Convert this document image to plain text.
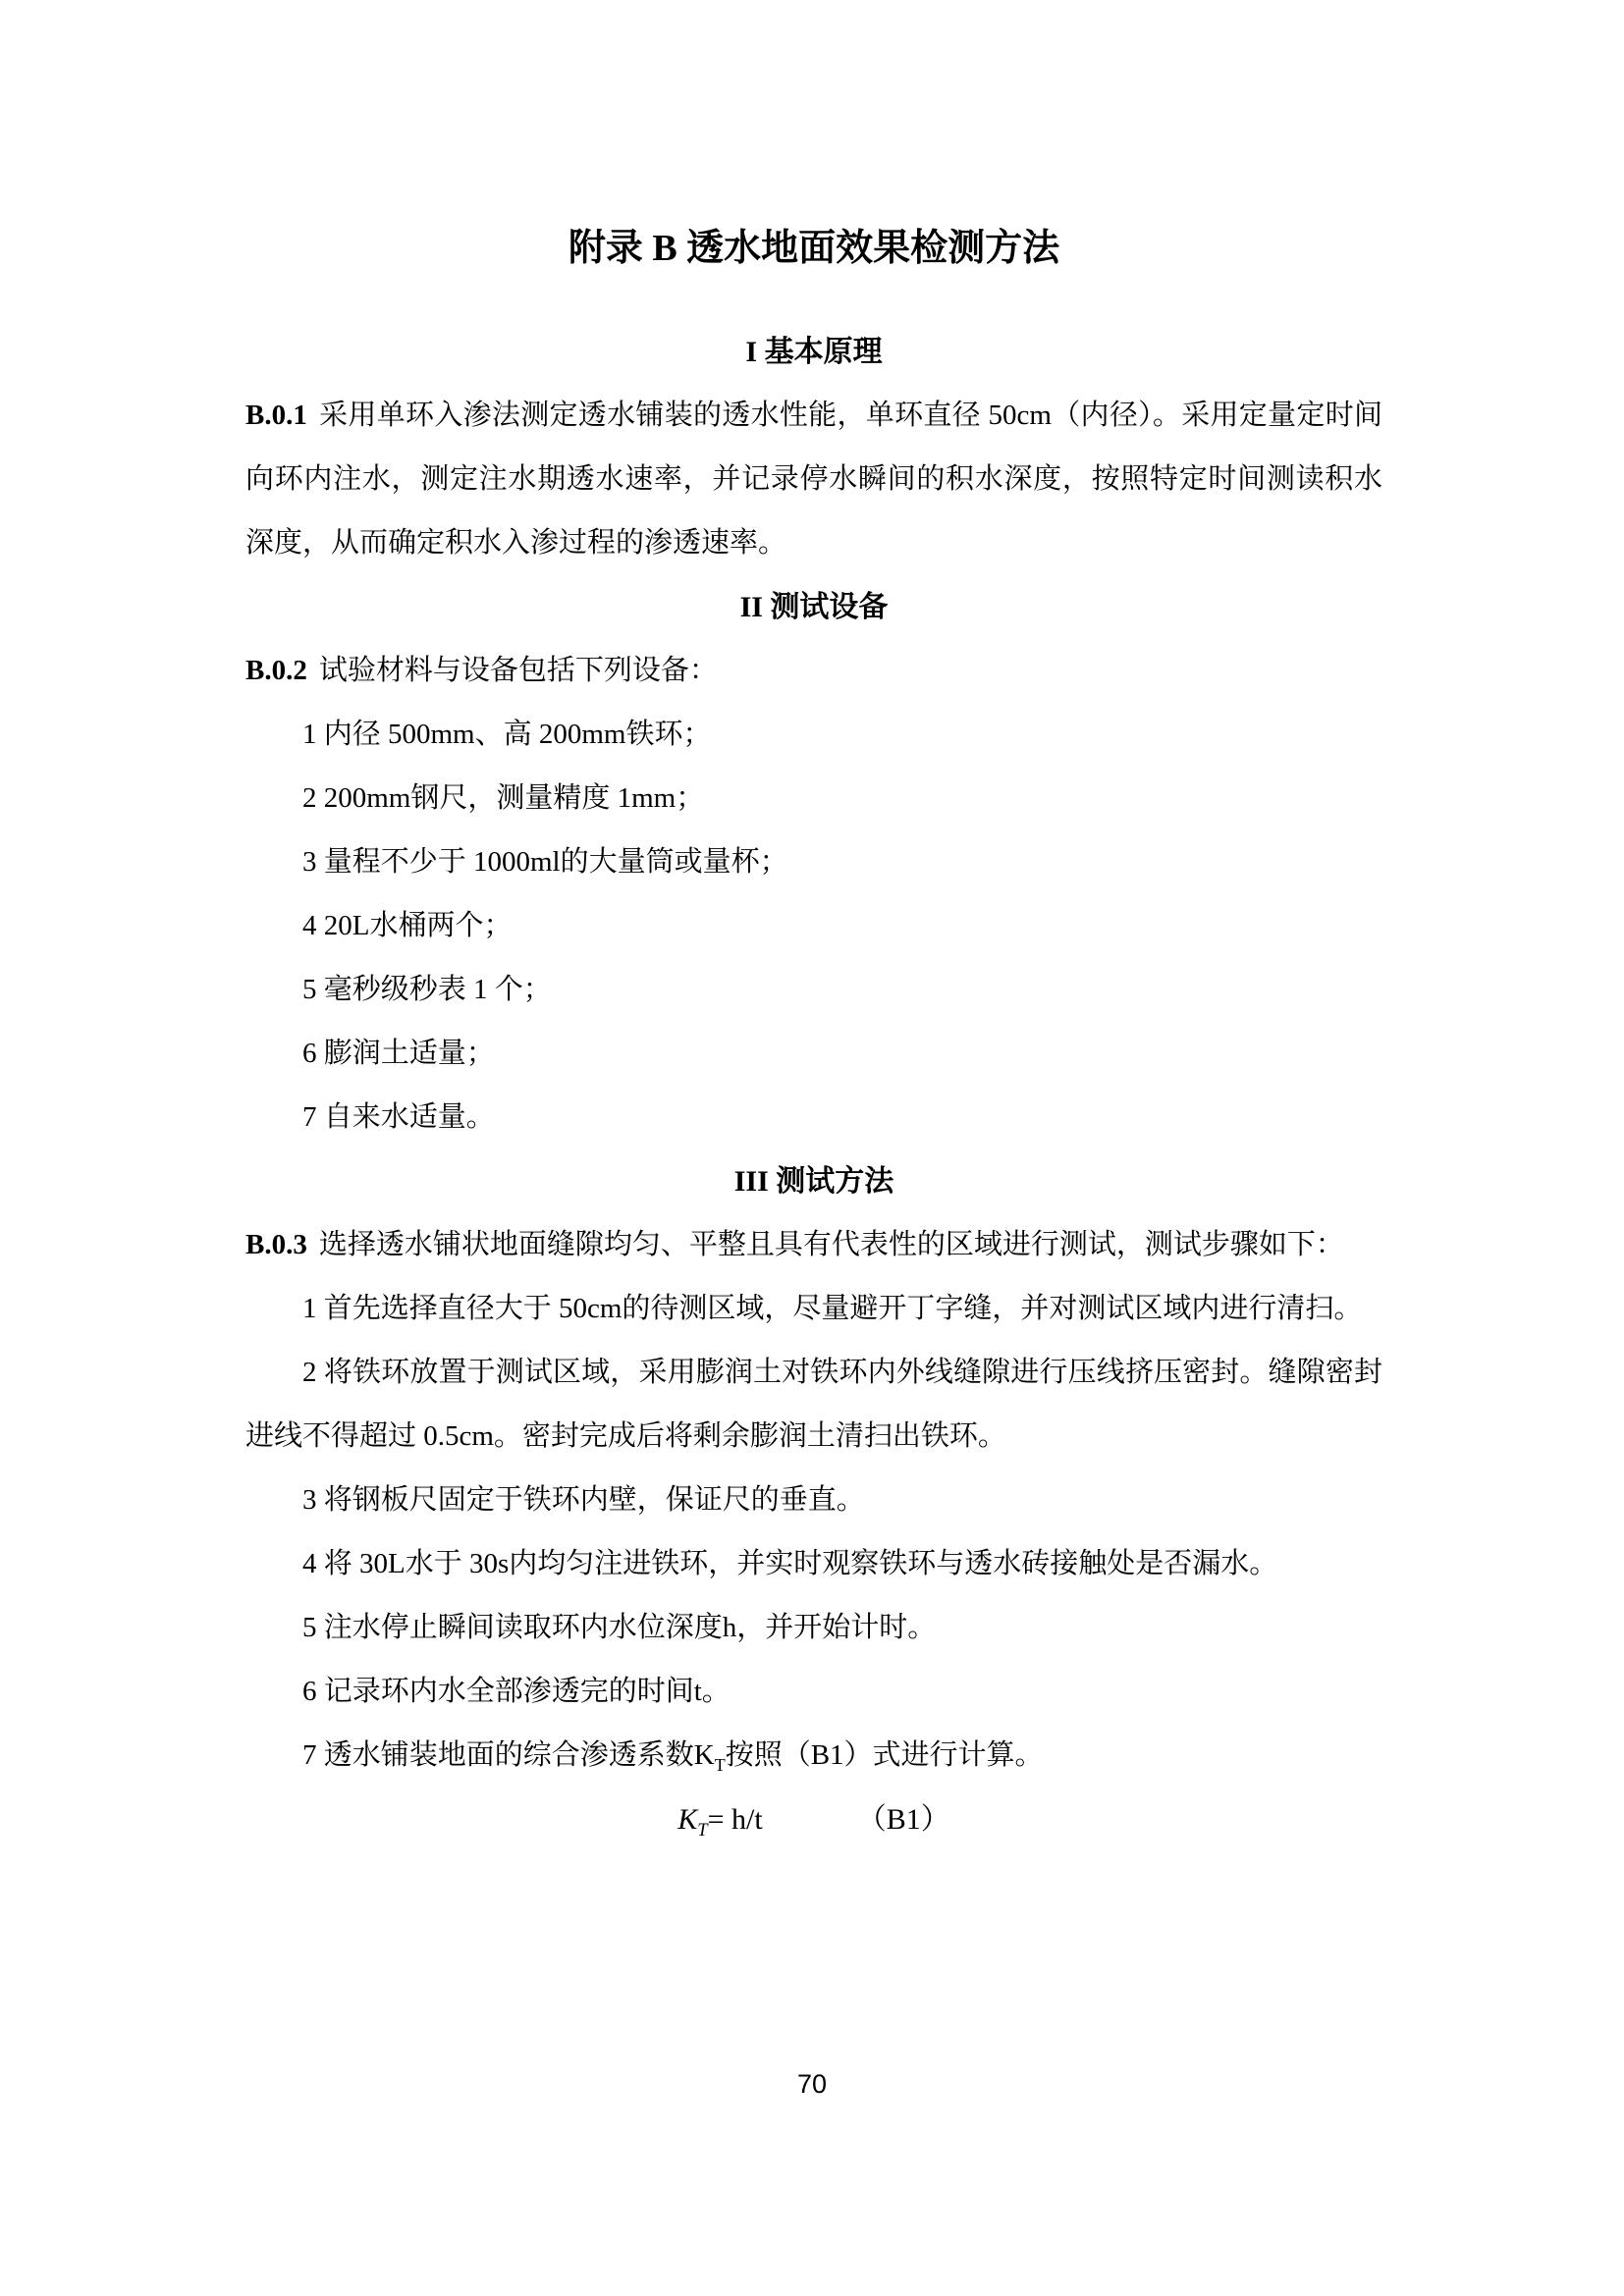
附录 B 透水地面效果检测方法
I 基本原理

B.0.1 采用单环入渗法测定透水铺装的透水性能，单环直径 50cm（内径）。采用定量定时间向环内注水，测定注水期透水速率，并记录停水瞬间的积水深度，按照特定时间测读积水深度，从而确定积水入渗过程的渗透速率。

II 测试设备

B.0.2 试验材料与设备包括下列设备：

1 内径 500mm、高 200mm铁环；

2 200mm钢尺，测量精度 1mm；

3 量程不少于 1000ml的大量筒或量杯；

4 20L水桶两个；

5 毫秒级秒表 1 个；

6 膨润土适量；

7 自来水适量。

III 测试方法

B.0.3 选择透水铺状地面缝隙均匀、平整且具有代表性的区域进行测试，测试步骤如下：

1 首先选择直径大于 50cm的待测区域，尽量避开丁字缝，并对测试区域内进行清扫。

2 将铁环放置于测试区域，采用膨润土对铁环内外线缝隙进行压线挤压密封。缝隙密封进线不得超过 0.5cm。密封完成后将剩余膨润土清扫出铁环。

3 将钢板尺固定于铁环内壁，保证尺的垂直。

4 将 30L水于 30s内均匀注进铁环，并实时观察铁环与透水砖接触处是否漏水。

5 注水停止瞬间读取环内水位深度h，并开始计时。

6 记录环内水全部渗透完的时间t。

7 透水铺装地面的综合渗透系数$K_T$按照（B1）式进行计算。

$K_T= h/t$	（B1）
70
